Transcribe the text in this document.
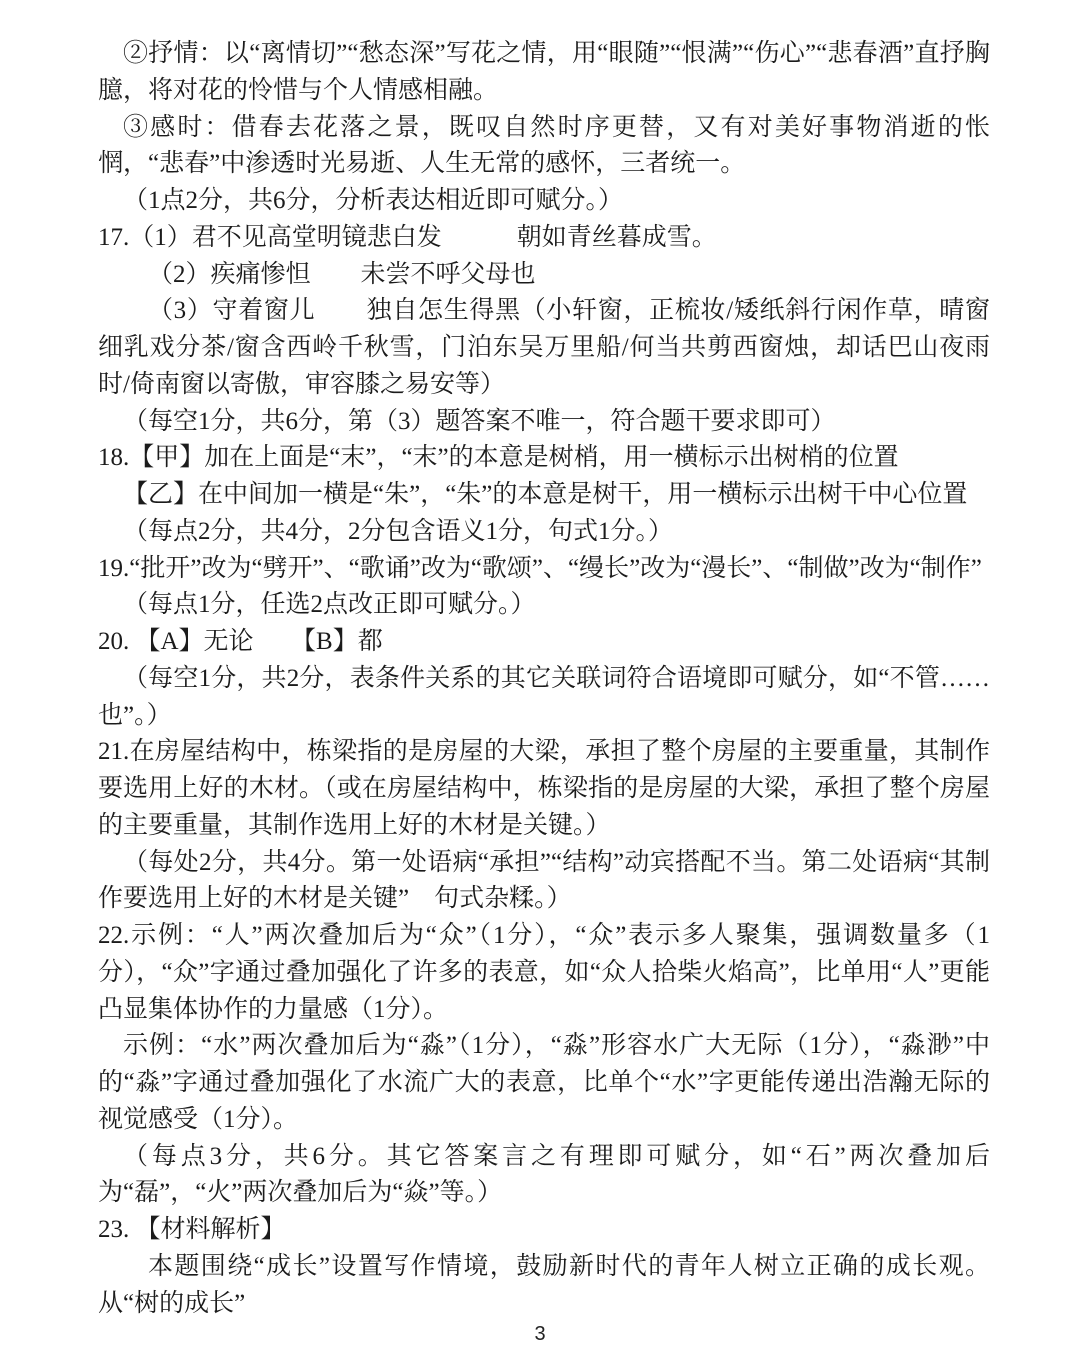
②抒情：以“离情切”“愁态深”写花之情，用“眼随”“恨满”“伤心”“悲春酒”直抒胸臆，将对花的怜惜与个人情感相融。

③感时：借春去花落之景，既叹自然时序更替，又有对美好事物消逝的怅惘，“悲春”中渗透时光易逝、人生无常的感怀，三者统一。

（1点2分，共6分，分析表达相近即可赋分。）

17.（1）君不见高堂明镜悲白发　　　朝如青丝暮成雪。

（2）疾痛惨怛　　未尝不呼父母也

（3）守着窗儿　　独自怎生得黑（小轩窗，正梳妆/矮纸斜行闲作草，晴窗细乳戏分茶/窗含西岭千秋雪，门泊东吴万里船/何当共剪西窗烛，却话巴山夜雨时/倚南窗以寄傲，审容膝之易安等）

（每空1分，共6分，第（3）题答案不唯一，符合题干要求即可）

18.【甲】加在上面是“末”，“末”的本意是树梢，用一横标示出树梢的位置

【乙】在中间加一横是“朱”，“朱”的本意是树干，用一横标示出树干中心位置

（每点2分，共4分，2分包含语义1分，句式1分。）

19.“批开”改为“劈开”、“歌诵”改为“歌颂”、“缦长”改为“漫长”、“制做”改为“制作”

（每点1分，任选2点改正即可赋分。）

20. 【A】无论　　【B】都

（每空1分，共2分，表条件关系的其它关联词符合语境即可赋分，如“不管……也”。）

21.在房屋结构中，栋梁指的是房屋的大梁，承担了整个房屋的主要重量，其制作要选用上好的木材。（或在房屋结构中，栋梁指的是房屋的大梁，承担了整个房屋的主要重量，其制作选用上好的木材是关键。）

（每处2分，共4分。第一处语病“承担”“结构”动宾搭配不当。第二处语病“其制作要选用上好的木材是关键”　句式杂糅。）

22.示例：“人”两次叠加后为“众”（1分），“众”表示多人聚集，强调数量多（1分），“众”字通过叠加强化了许多的表意，如“众人拾柴火焰高”，比单用“人”更能凸显集体协作的力量感（1分）。

示例：“水”两次叠加后为“淼”（1分），“淼”形容水广大无际（1分），“淼渺”中的“淼”字通过叠加强化了水流广大的表意，比单个“水”字更能传递出浩瀚无际的视觉感受（1分）。

（每点3分，共6分。其它答案言之有理即可赋分，如“石”两次叠加后为“磊”，“火”两次叠加后为“焱”等。）

23. 【材料解析】

本题围绕“成长”设置写作情境，鼓励新时代的青年人树立正确的成长观。从“树的成长”

3
